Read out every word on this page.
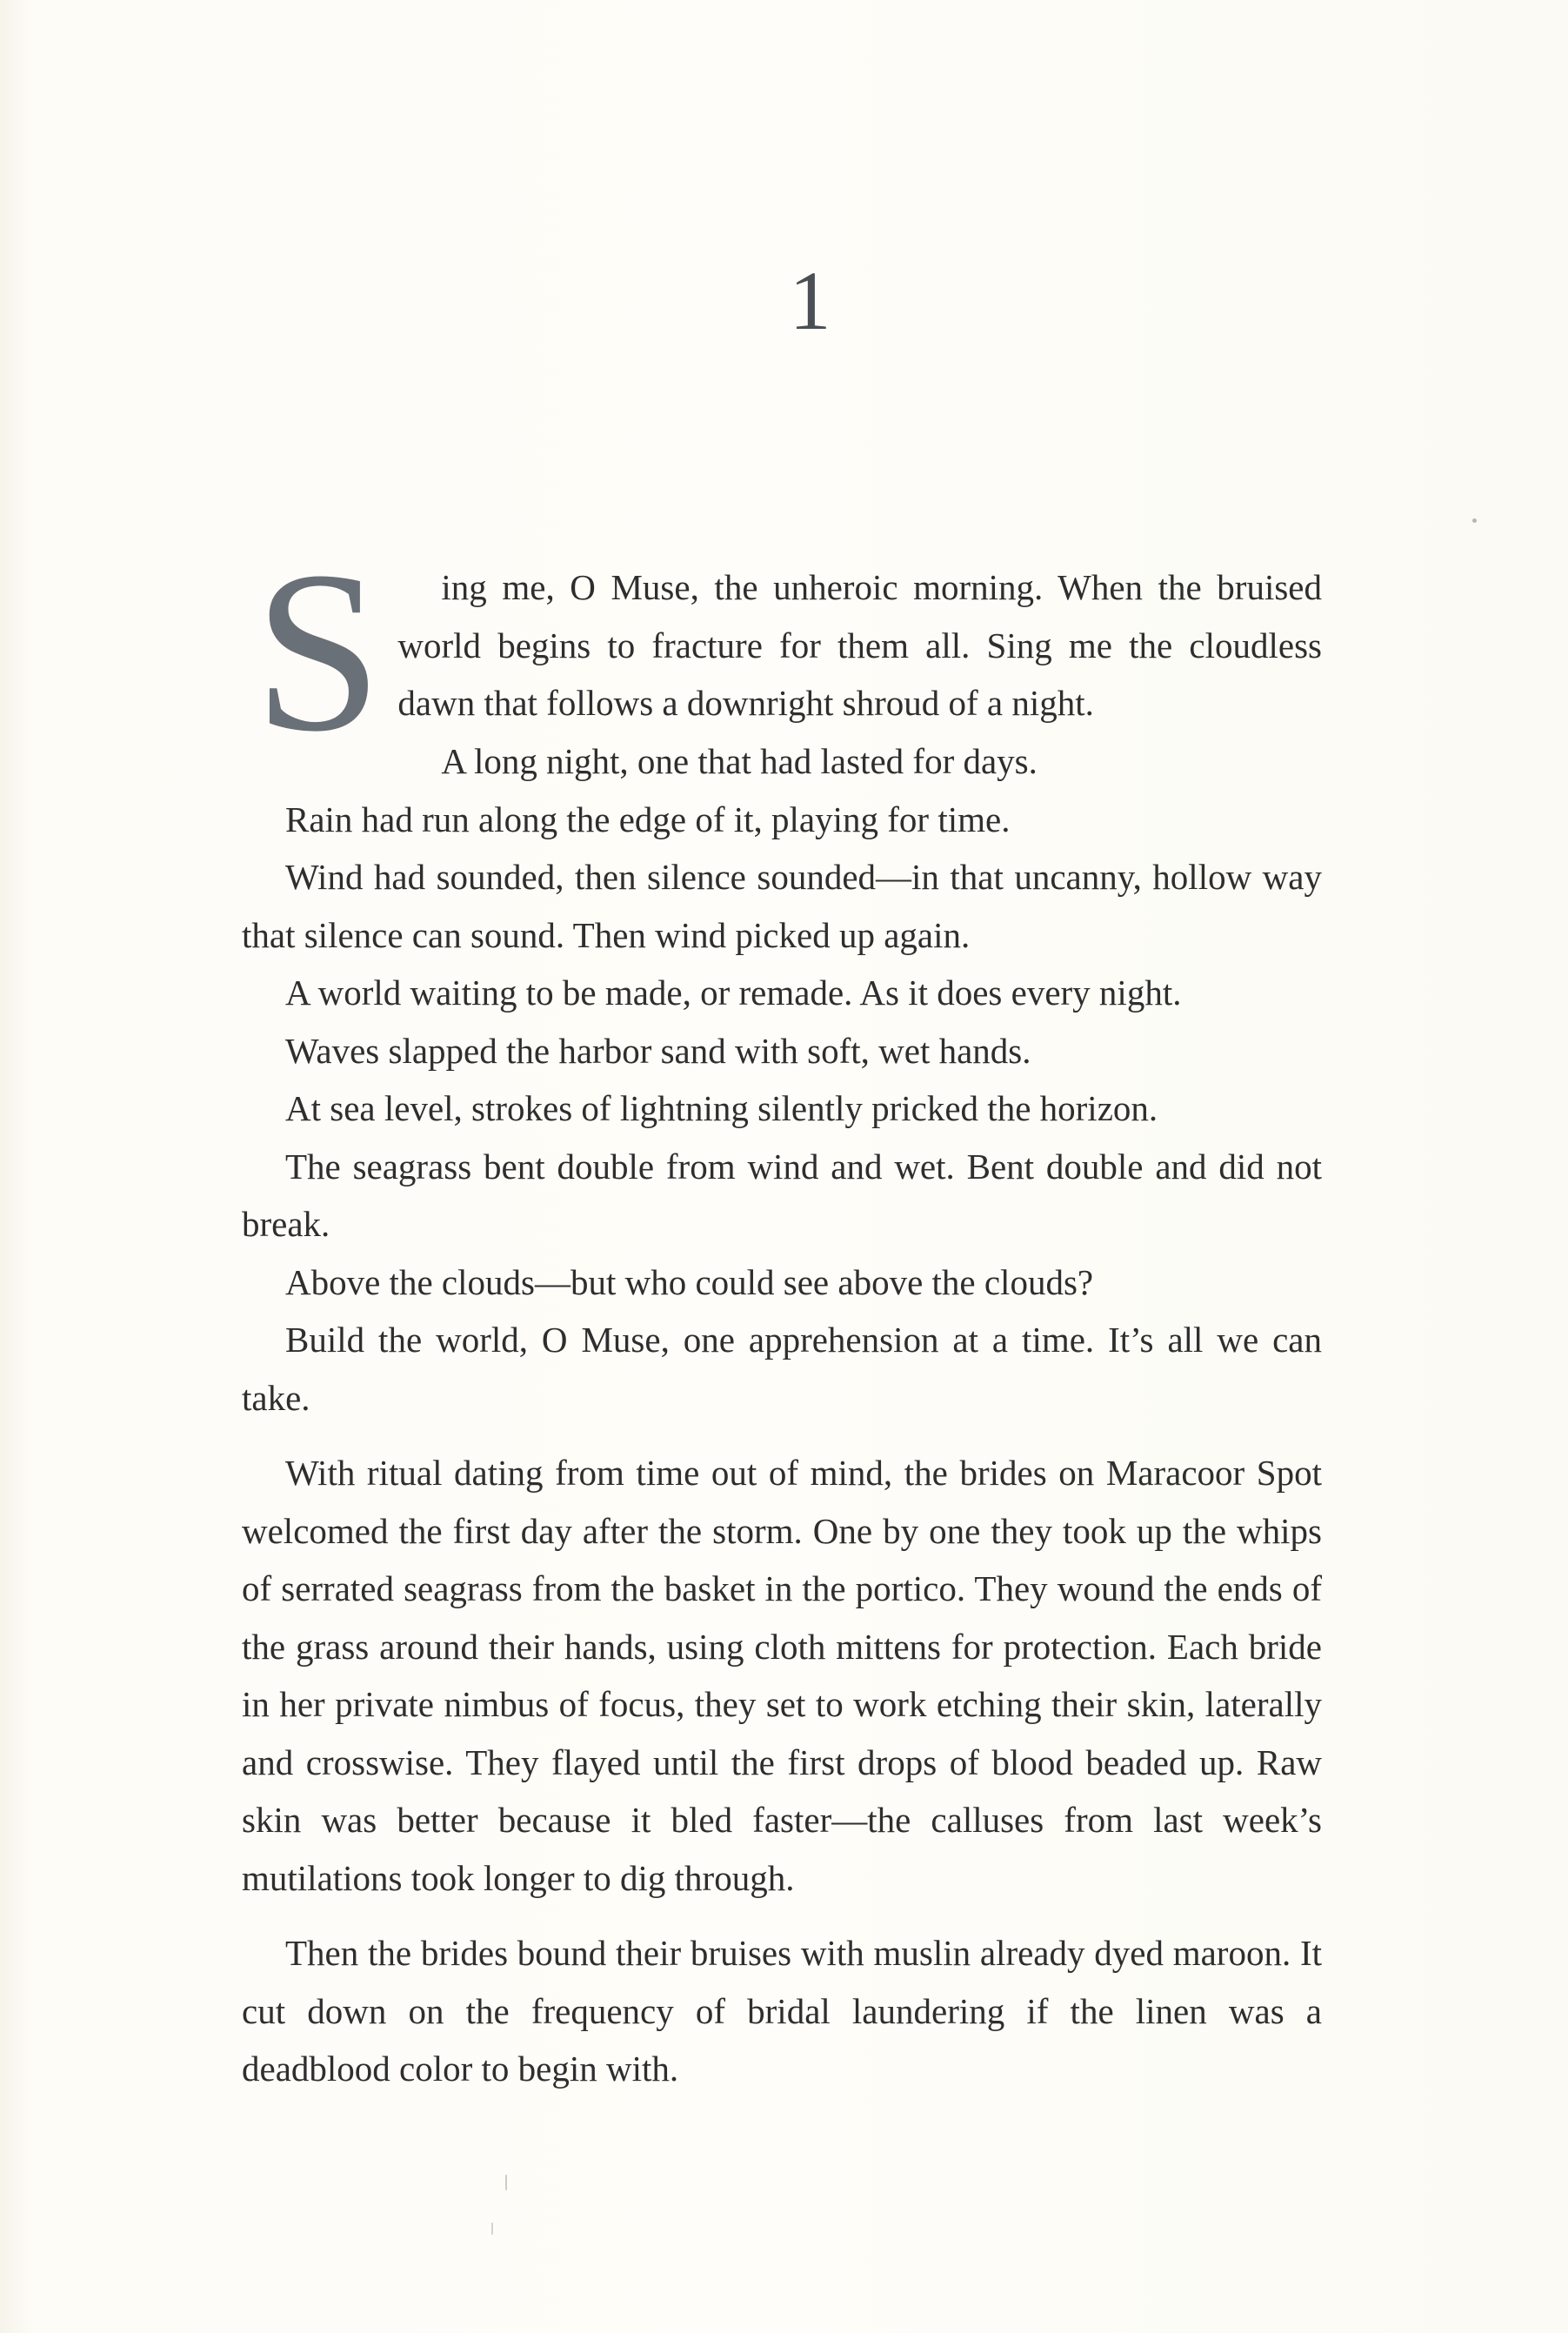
1
S	ing me, O Muse, the unheroic morning. When the bruised world begins to fracture for them all. Sing me the cloudless dawn that follows a downright shroud of a night.

A long night, one that had lasted for days.

Rain had run along the edge of it, playing for time.

Wind had sounded, then silence sounded—in that uncanny, hollow way that silence can sound. Then wind picked up again.

A world waiting to be made, or remade. As it does every night.

Waves slapped the harbor sand with soft, wet hands.

At sea level, strokes of lightning silently pricked the horizon.

The seagrass bent double from wind and wet. Bent double and did not break.

Above the clouds—but who could see above the clouds?

Build the world, O Muse, one apprehension at a time. It’s all we can take.

With ritual dating from time out of mind, the brides on Maracoor Spot welcomed the first day after the storm. One by one they took up the whips of serrated seagrass from the basket in the portico. They wound the ends of the grass around their hands, using cloth mittens for protection. Each bride in her private nimbus of focus, they set to work etching their skin, laterally and crosswise. They flayed until the first drops of blood beaded up. Raw skin was better because it bled faster—the calluses from last week’s mutilations took longer to dig through.

Then the brides bound their bruises with muslin already dyed maroon. It cut down on the frequency of bridal laundering if the linen was a deadblood color to begin with.
